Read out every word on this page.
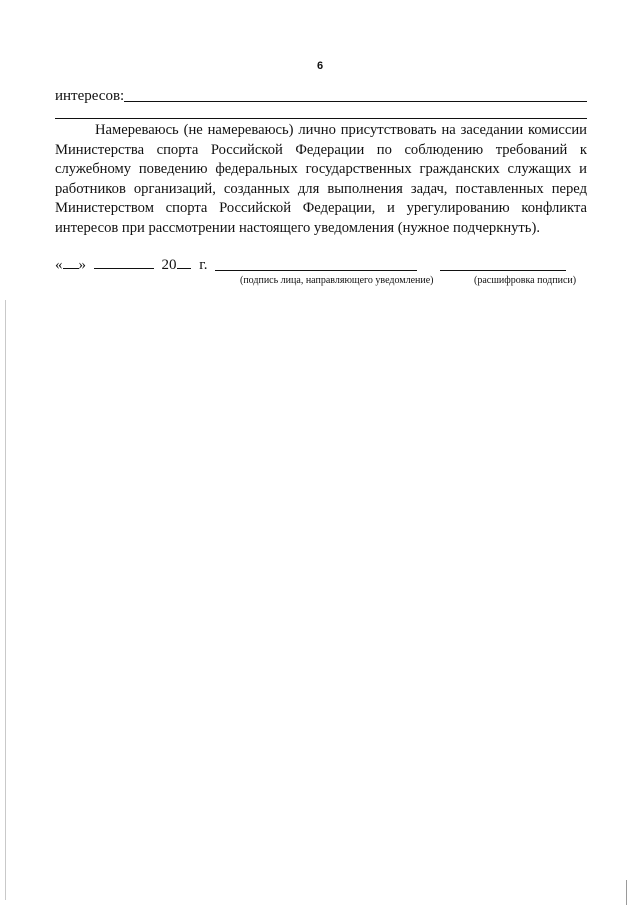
6
интересов:

Намереваюсь (не намереваюсь) лично присутствовать на заседании комиссии Министерства спорта Российской Федерации по соблюдению требований к служебному поведению федеральных государственных гражданских служащих и работников организаций, созданных для выполнения задач, поставленных перед Министерством спорта Российской Федерации, и урегулированию конфликта интересов при рассмотрении настоящего уведомления (нужное подчеркнуть).

« »	20 г.
(подпись лица, направляющего уведомление)	(расшифровка подписи)
